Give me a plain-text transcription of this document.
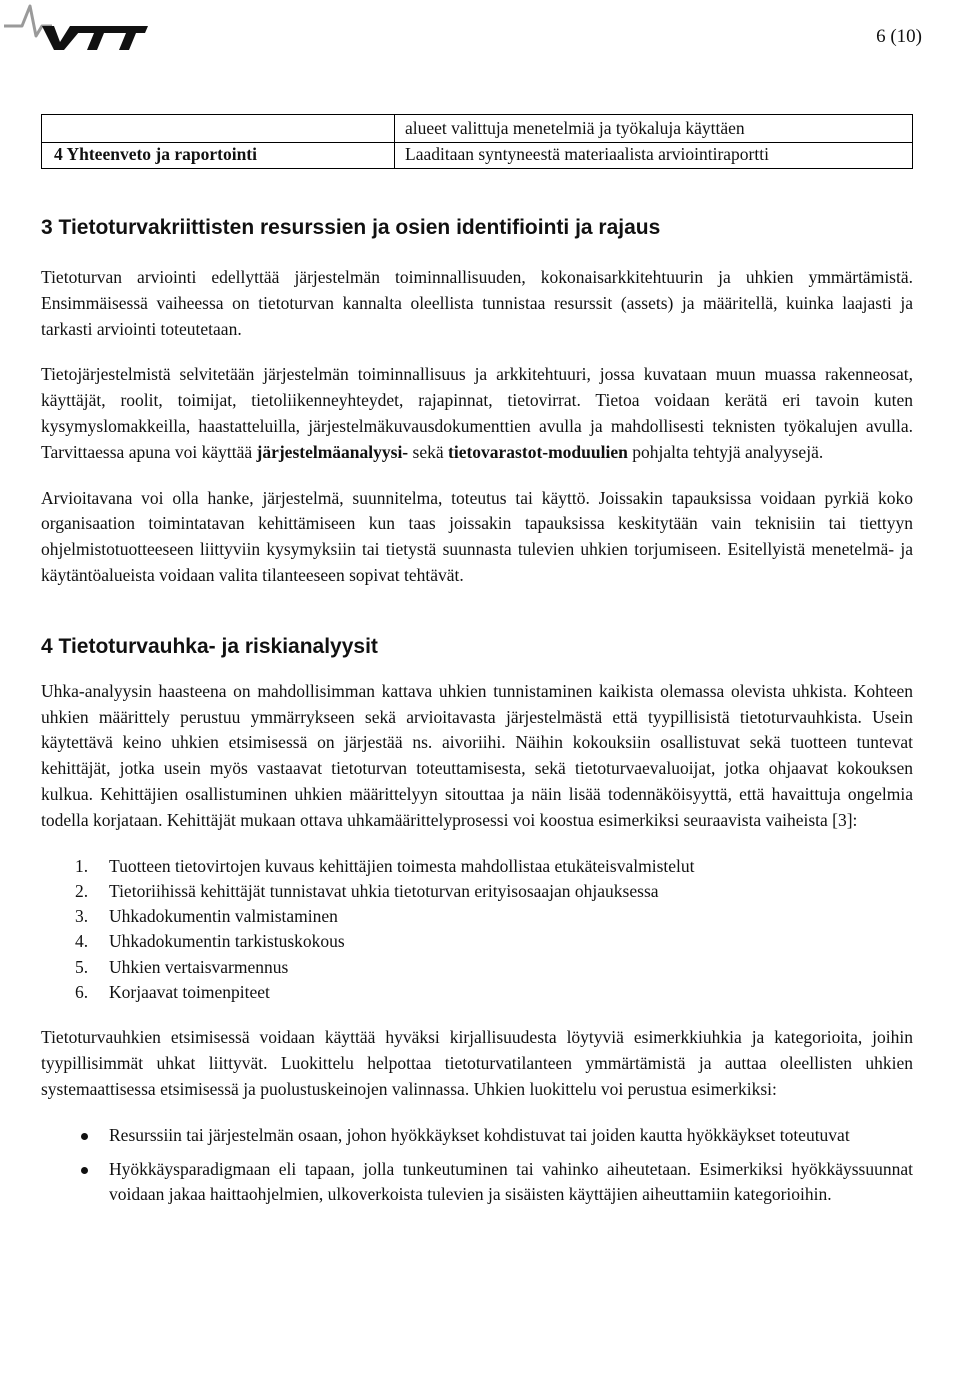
6 (10)
	alueet valittuja menetelmiä ja työkaluja käyttäen
4 Yhteenveto ja raportointi	Laaditaan syntyneestä materiaalista arviointiraportti
3 Tietoturvakriittisten resurssien ja osien identifiointi ja rajaus

Tietoturvan arviointi edellyttää järjestelmän toiminnallisuuden, kokonaisarkkitehtuurin ja uhkien ymmärtämistä. Ensimmäisessä vaiheessa on tietoturvan kannalta oleellista tunnistaa resurssit (assets) ja määritellä, kuinka laajasti ja tarkasti arviointi toteutetaan.

Tietojärjestelmistä selvitetään järjestelmän toiminnallisuus ja arkkitehtuuri, jossa kuvataan muun muassa rakenneosat, käyttäjät, roolit, toimijat, tietoliikenneyhteydet, rajapinnat, tietovirrat. Tietoa voidaan kerätä eri tavoin kuten kysymyslomakkeilla, haastatteluilla, järjestelmäkuvausdokumenttien avulla ja mahdollisesti teknisten työkalujen avulla. Tarvittaessa apuna voi käyttää järjestelmäanalyysi- sekä tietovarastot-moduulien pohjalta tehtyjä analyysejä.

Arvioitavana voi olla hanke, järjestelmä, suunnitelma, toteutus tai käyttö. Joissakin tapauksissa voidaan pyrkiä koko organisaation toimintatavan kehittämiseen kun taas joissakin tapauksissa keskitytään vain teknisiin tai tiettyyn ohjelmistotuotteeseen liittyviin kysymyksiin tai tietystä suunnasta tulevien uhkien torjumiseen. Esitellyistä menetelmä- ja käytäntöalueista voidaan valita tilanteeseen sopivat tehtävät.

4 Tietoturvauhka- ja riskianalyysit

Uhka-analyysin haasteena on mahdollisimman kattava uhkien tunnistaminen kaikista olemassa olevista uhkista. Kohteen uhkien määrittely perustuu ymmärrykseen sekä arvioitavasta järjestelmästä että tyypillisistä tietoturvauhkista. Usein käytettävä keino uhkien etsimisessä on järjestää ns. aivoriihi. Näihin kokouksiin osallistuvat sekä tuotteen tuntevat kehittäjät, jotka usein myös vastaavat tietoturvan toteuttamisesta, sekä tietoturvaevaluoijat, jotka ohjaavat kokouksen kulkua. Kehittäjien osallistuminen uhkien määrittelyyn sitouttaa ja näin lisää todennäköisyyttä, että havaittuja ongelmia todella korjataan. Kehittäjät mukaan ottava uhkamäärittelyprosessi voi koostua esimerkiksi seuraavista vaiheista [3]:

1. Tuotteen tietovirtojen kuvaus kehittäjien toimesta mahdollistaa etukäteisvalmistelut
2. Tietoriihissä kehittäjät tunnistavat uhkia tietoturvan erityisosaajan ohjauksessa
3. Uhkadokumentin valmistaminen
4. Uhkadokumentin tarkistuskokous
5. Uhkien vertaisvarmennus
6. Korjaavat toimenpiteet

Tietoturvauhkien etsimisessä voidaan käyttää hyväksi kirjallisuudesta löytyviä esimerkkiuhkia ja kategorioita, joihin tyypillisimmät uhkat liittyvät. Luokittelu helpottaa tietoturvatilanteen ymmärtämistä ja auttaa oleellisten uhkien systemaattisessa etsimisessä ja puolustuskeinojen valinnassa. Uhkien luokittelu voi perustua esimerkiksi:

Resurssiin tai järjestelmän osaan, johon hyökkäykset kohdistuvat tai joiden kautta hyökkäykset toteutuvat
Hyökkäysparadigmaan eli tapaan, jolla tunkeutuminen tai vahinko aiheutetaan. Esimerkiksi hyökkäyssuunnat voidaan jakaa haittaohjelmien, ulkoverkoista tulevien ja sisäisten käyttäjien aiheuttamiin kategorioihin.
